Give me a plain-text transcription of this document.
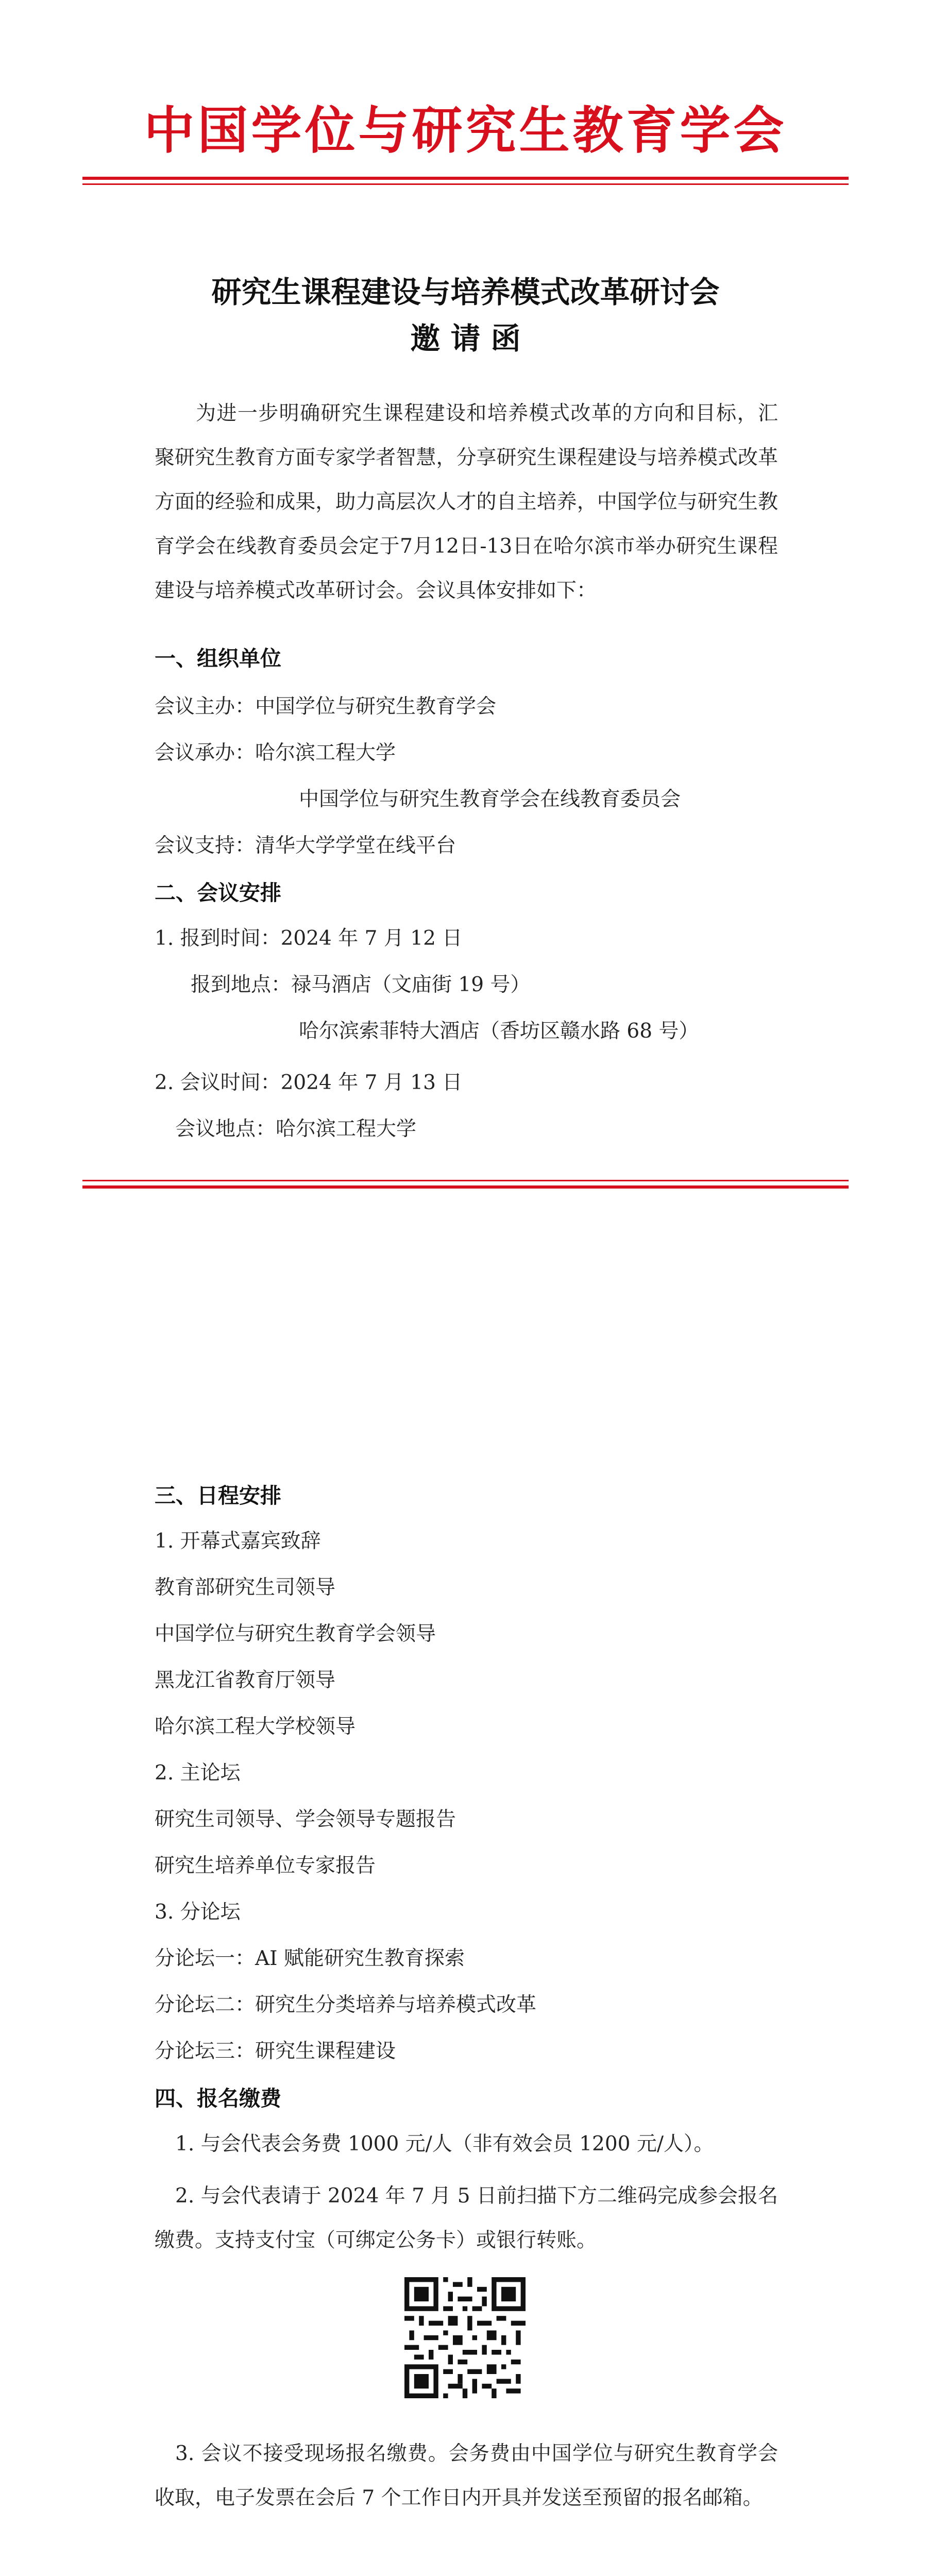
中国学位与研究生教育学会
研究生课程建设与培养模式改革研讨会
邀 请 函
为进一步明确研究生课程建设和培养模式改革的方向和目标，汇聚研究生教育方面专家学者智慧，分享研究生课程建设与培养模式改革方面的经验和成果，助力高层次人才的自主培养，中国学位与研究生教育学会在线教育委员会定于7月12日-13日在哈尔滨市举办研究生课程建设与培养模式改革研讨会。会议具体安排如下：
一、组织单位
会议主办：中国学位与研究生教育学会
会议承办：哈尔滨工程大学
中国学位与研究生教育学会在线教育委员会
会议支持：清华大学学堂在线平台
二、会议安排
1. 报到时间：2024 年 7 月 12 日
报到地点：禄马酒店（文庙街 19 号）
哈尔滨索菲特大酒店（香坊区赣水路 68 号）
2. 会议时间：2024 年 7 月 13 日
会议地点：哈尔滨工程大学
三、日程安排
1. 开幕式嘉宾致辞
教育部研究生司领导
中国学位与研究生教育学会领导
黑龙江省教育厅领导
哈尔滨工程大学校领导
2. 主论坛
研究生司领导、学会领导专题报告
研究生培养单位专家报告
3. 分论坛
分论坛一：AI 赋能研究生教育探索
分论坛二：研究生分类培养与培养模式改革
分论坛三：研究生课程建设
四、报名缴费
1. 与会代表会务费 1000 元/人（非有效会员 1200 元/人）。
2. 与会代表请于 2024 年 7 月 5 日前扫描下方二维码完成参会报名缴费。支持支付宝（可绑定公务卡）或银行转账。
3. 会议不接受现场报名缴费。会务费由中国学位与研究生教育学会收取，电子发票在会后 7 个工作日内开具并发送至预留的报名邮箱。
